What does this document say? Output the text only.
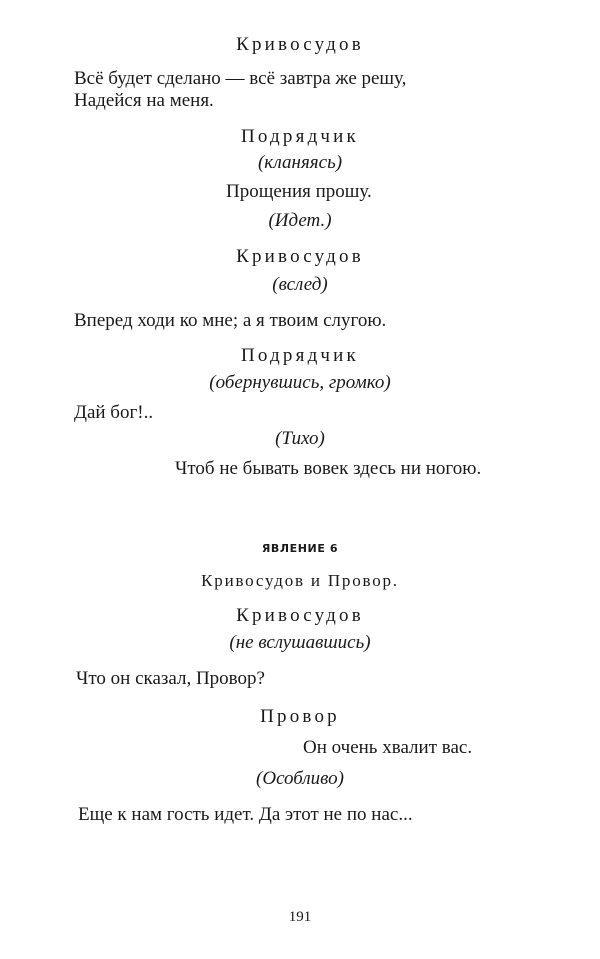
Кривосудов
Всё будет сделано — всё завтра же решу,
Надейся на меня.
Подрядчик
(кланяясь)
Прощения прошу.
(Идет.)
Кривосудов
(вслед)
Вперед ходи ко мне; а я твоим слугою.
Подрядчик
(обернувшись, громко)
Дай бог!..
(Тихо)
Чтоб не бывать вовек здесь ни ногою.
ЯВЛЕНИЕ 6
Кривосудов и Провор.
Кривосудов
(не вслушавшись)
Что он сказал, Провор?
Провор
Он очень хвалит вас.
(Особливо)
Еще к нам гость идет. Да этот не по нас...
191
